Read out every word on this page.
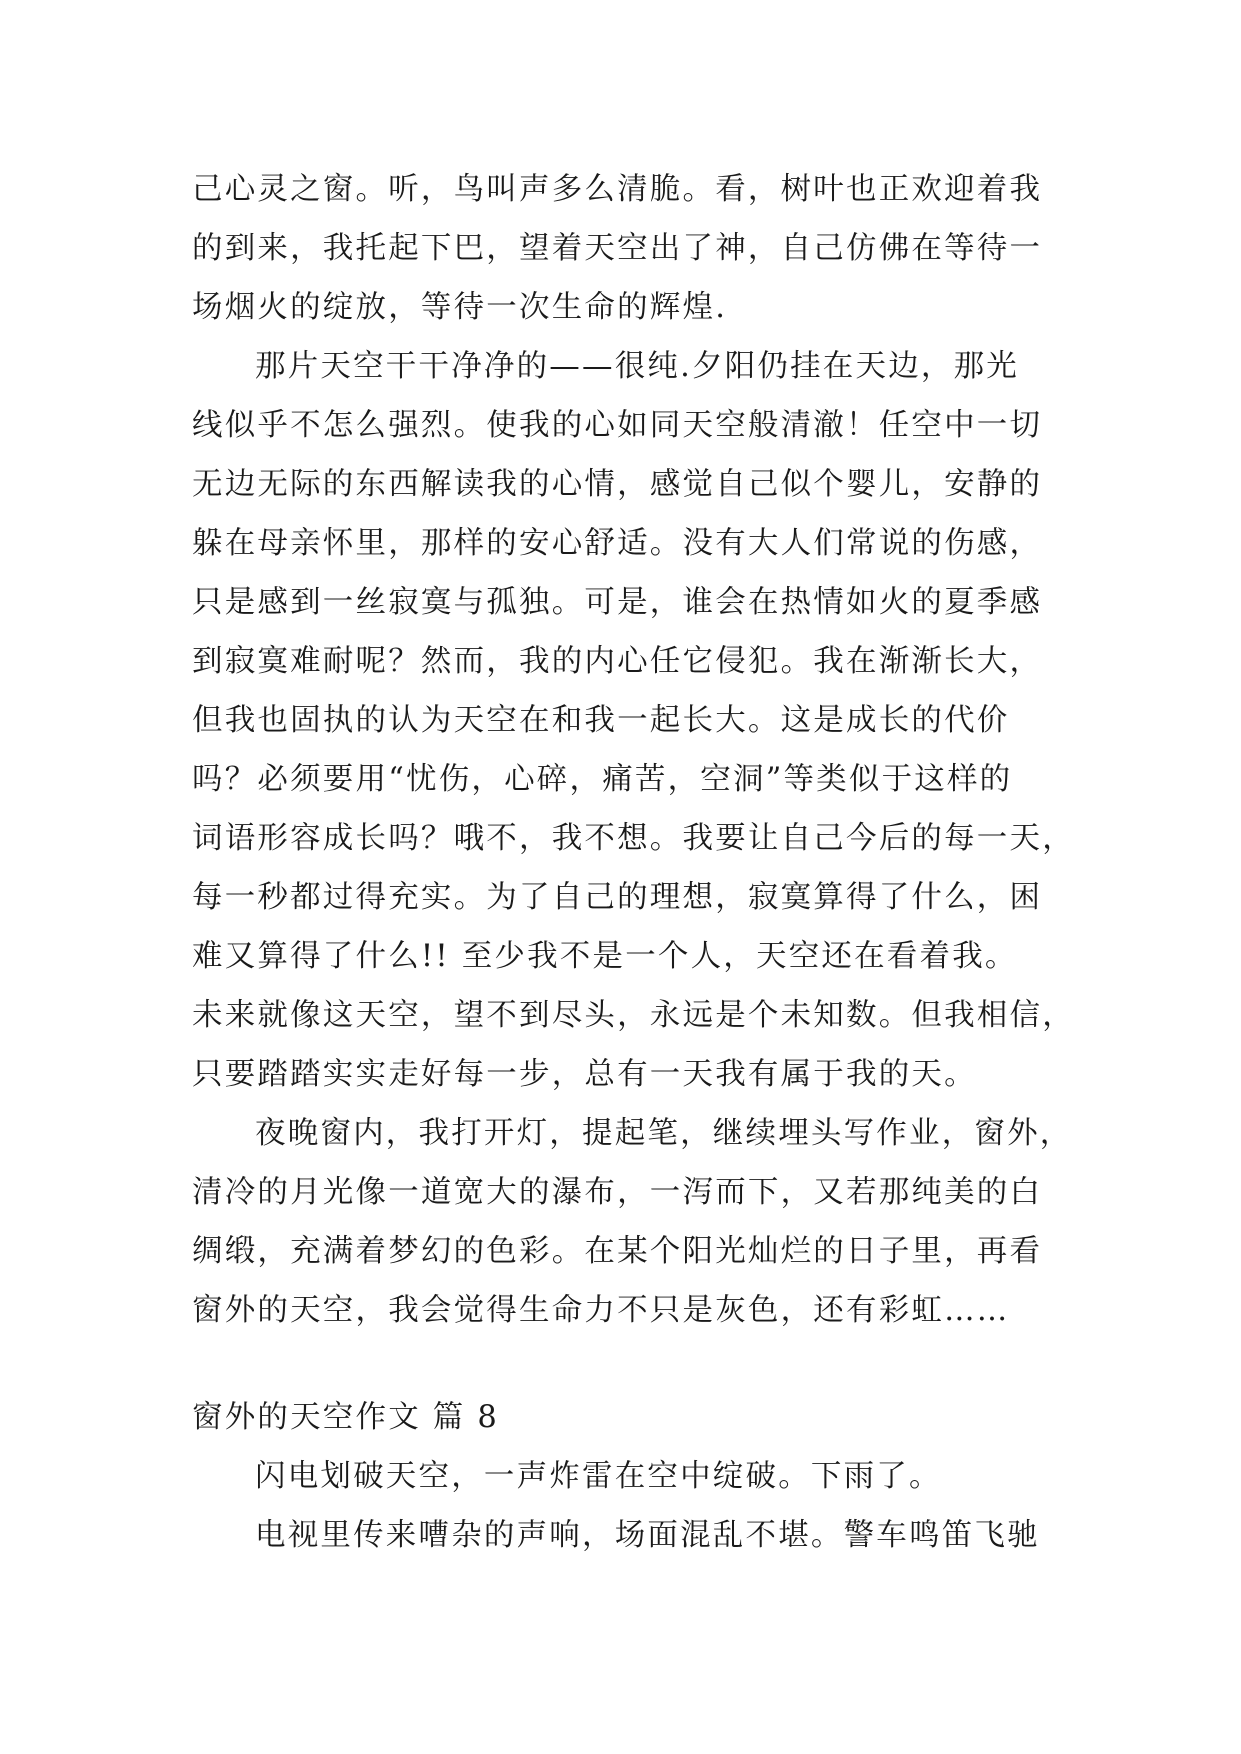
己心灵之窗。听，鸟叫声多么清脆。看，树叶也正欢迎着我
的到来，我托起下巴，望着天空出了神，自己仿佛在等待一
场烟火的绽放，等待一次生命的辉煌.
那片天空干干净净的——很纯.夕阳仍挂在天边，那光
线似乎不怎么强烈。使我的心如同天空般清澈！任空中一切
无边无际的东西解读我的心情，感觉自己似个婴儿，安静的
躲在母亲怀里，那样的安心舒适。没有大人们常说的伤感，
只是感到一丝寂寞与孤独。可是，谁会在热情如火的夏季感
到寂寞难耐呢？然而，我的内心任它侵犯。我在渐渐长大，
但我也固执的认为天空在和我一起长大。这是成长的代价
吗？必须要用“忧伤，心碎，痛苦，空洞”等类似于这样的
词语形容成长吗？哦不，我不想。我要让自己今后的每一天，
每一秒都过得充实。为了自己的理想，寂寞算得了什么，困
难又算得了什么!! 至少我不是一个人，天空还在看着我。
未来就像这天空，望不到尽头，永远是个未知数。但我相信，
只要踏踏实实走好每一步，总有一天我有属于我的天。
夜晚窗内，我打开灯，提起笔，继续埋头写作业，窗外，
清冷的月光像一道宽大的瀑布，一泻而下，又若那纯美的白
绸缎，充满着梦幻的色彩。在某个阳光灿烂的日子里，再看
窗外的天空，我会觉得生命力不只是灰色，还有彩虹……
窗外的天空作文 篇 8
闪电划破天空，一声炸雷在空中绽破。下雨了。
电视里传来嘈杂的声响，场面混乱不堪。警车鸣笛飞驰
